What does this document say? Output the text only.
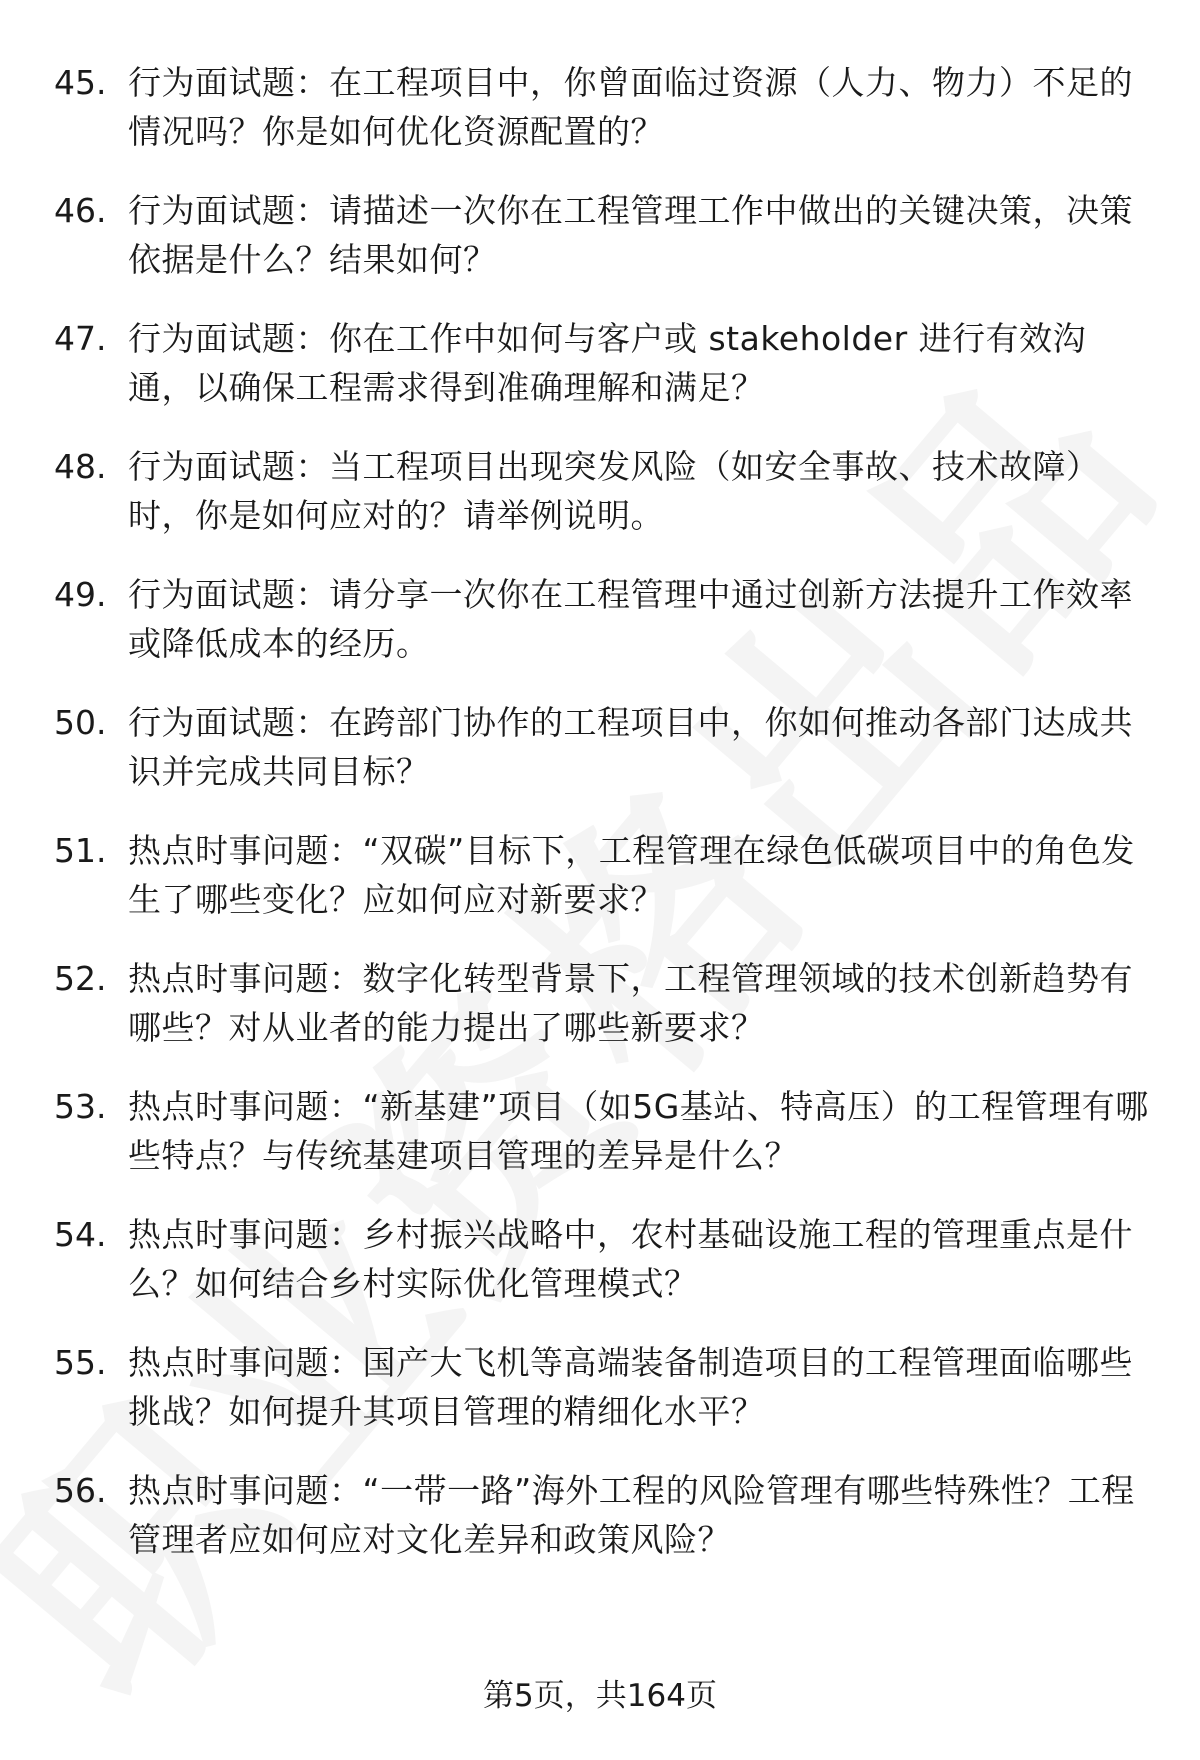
45. 行为面试题：在工程项目中，你曾面临过资源（人力、物力）不足的情况吗？你是如何优化资源配置的？
46. 行为面试题：请描述一次你在工程管理工作中做出的关键决策，决策依据是什么？结果如何？
47. 行为面试题：你在工作中如何与客户或 stakeholder 进行有效沟通，以确保工程需求得到准确理解和满足？
48. 行为面试题：当工程项目出现突发风险（如安全事故、技术故障）时，你是如何应对的？请举例说明。
49. 行为面试题：请分享一次你在工程管理中通过创新方法提升工作效率或降低成本的经历。
50. 行为面试题：在跨部门协作的工程项目中，你如何推动各部门达成共识并完成共同目标？
51. 热点时事问题：“双碳”目标下，工程管理在绿色低碳项目中的角色发生了哪些变化？应如何应对新要求？
52. 热点时事问题：数字化转型背景下，工程管理领域的技术创新趋势有哪些？对从业者的能力提出了哪些新要求？
53. 热点时事问题：“新基建”项目（如5G基站、特高压）的工程管理有哪些特点？与传统基建项目管理的差异是什么？
54. 热点时事问题：乡村振兴战略中，农村基础设施工程的管理重点是什么？如何结合乡村实际优化管理模式？
55. 热点时事问题：国产大飞机等高端装备制造项目的工程管理面临哪些挑战？如何提升其项目管理的精细化水平？
56. 热点时事问题：“一带一路”海外工程的风险管理有哪些特殊性？工程管理者应如何应对文化差异和政策风险？
第5页，共164页
